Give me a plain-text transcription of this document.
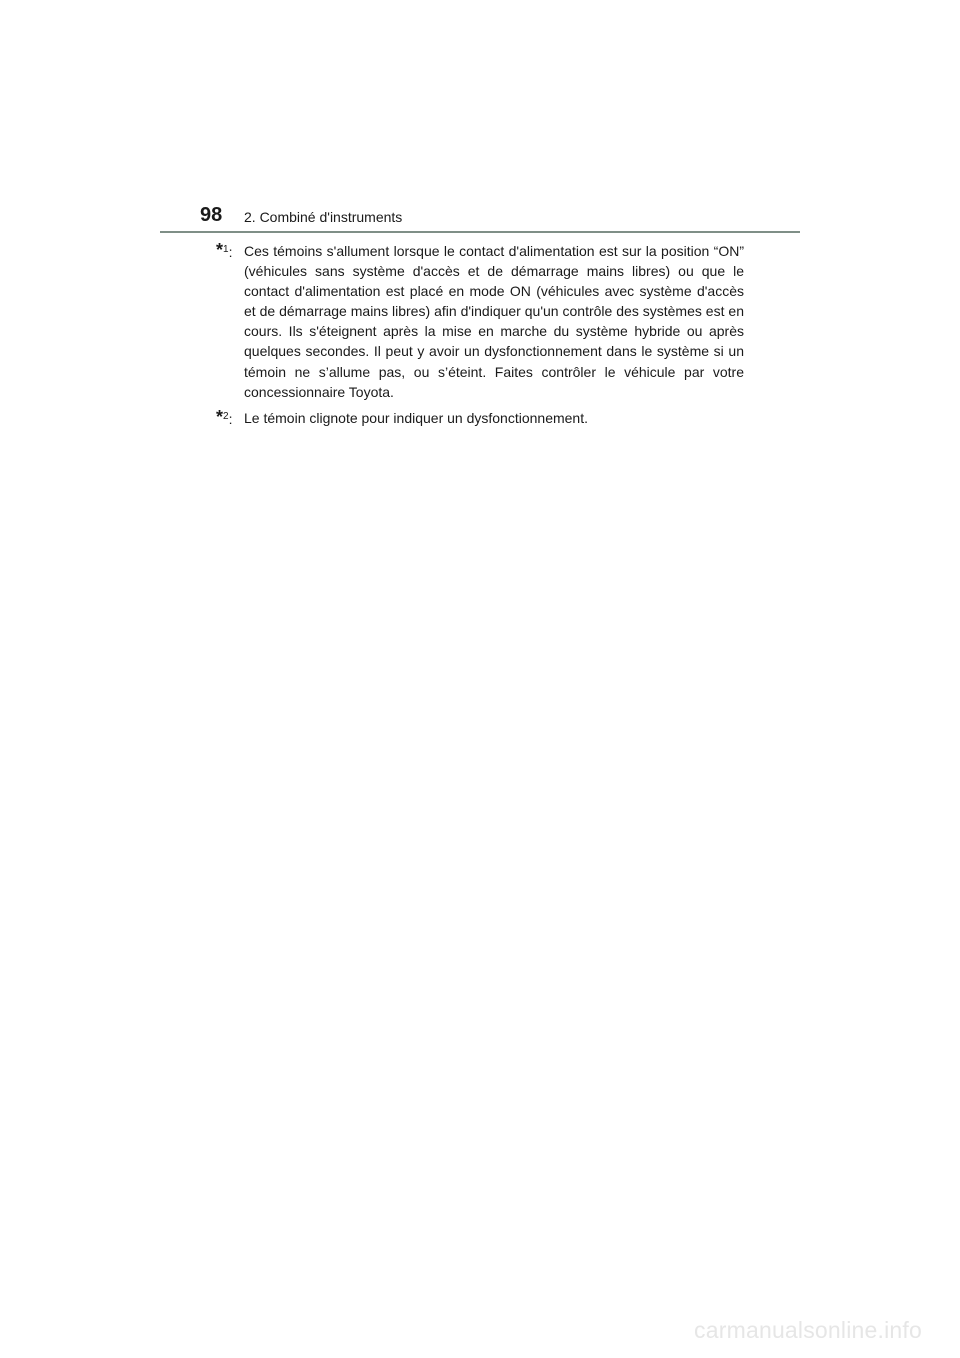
98 2. Combiné d'instruments
*$^1$: Ces témoins s'allument lorsque le contact d'alimentation est sur la position “ON” (véhicules sans système d'accès et de démarrage mains libres) ou que le contact d'alimentation est placé en mode ON (véhicules avec système d'accès et de démarrage mains libres) afin d'indiquer qu'un contrôle des systèmes est en cours. Ils s'éteignent après la mise en marche du système hybride ou après quelques secondes. Il peut y avoir un dysfonctionnement dans le système si un témoin ne s’allume pas, ou s’éteint. Faites contrôler le véhicule par votre concessionnaire Toyota.
*$^2$: Le témoin clignote pour indiquer un dysfonctionnement.
carmanualsonline.info
